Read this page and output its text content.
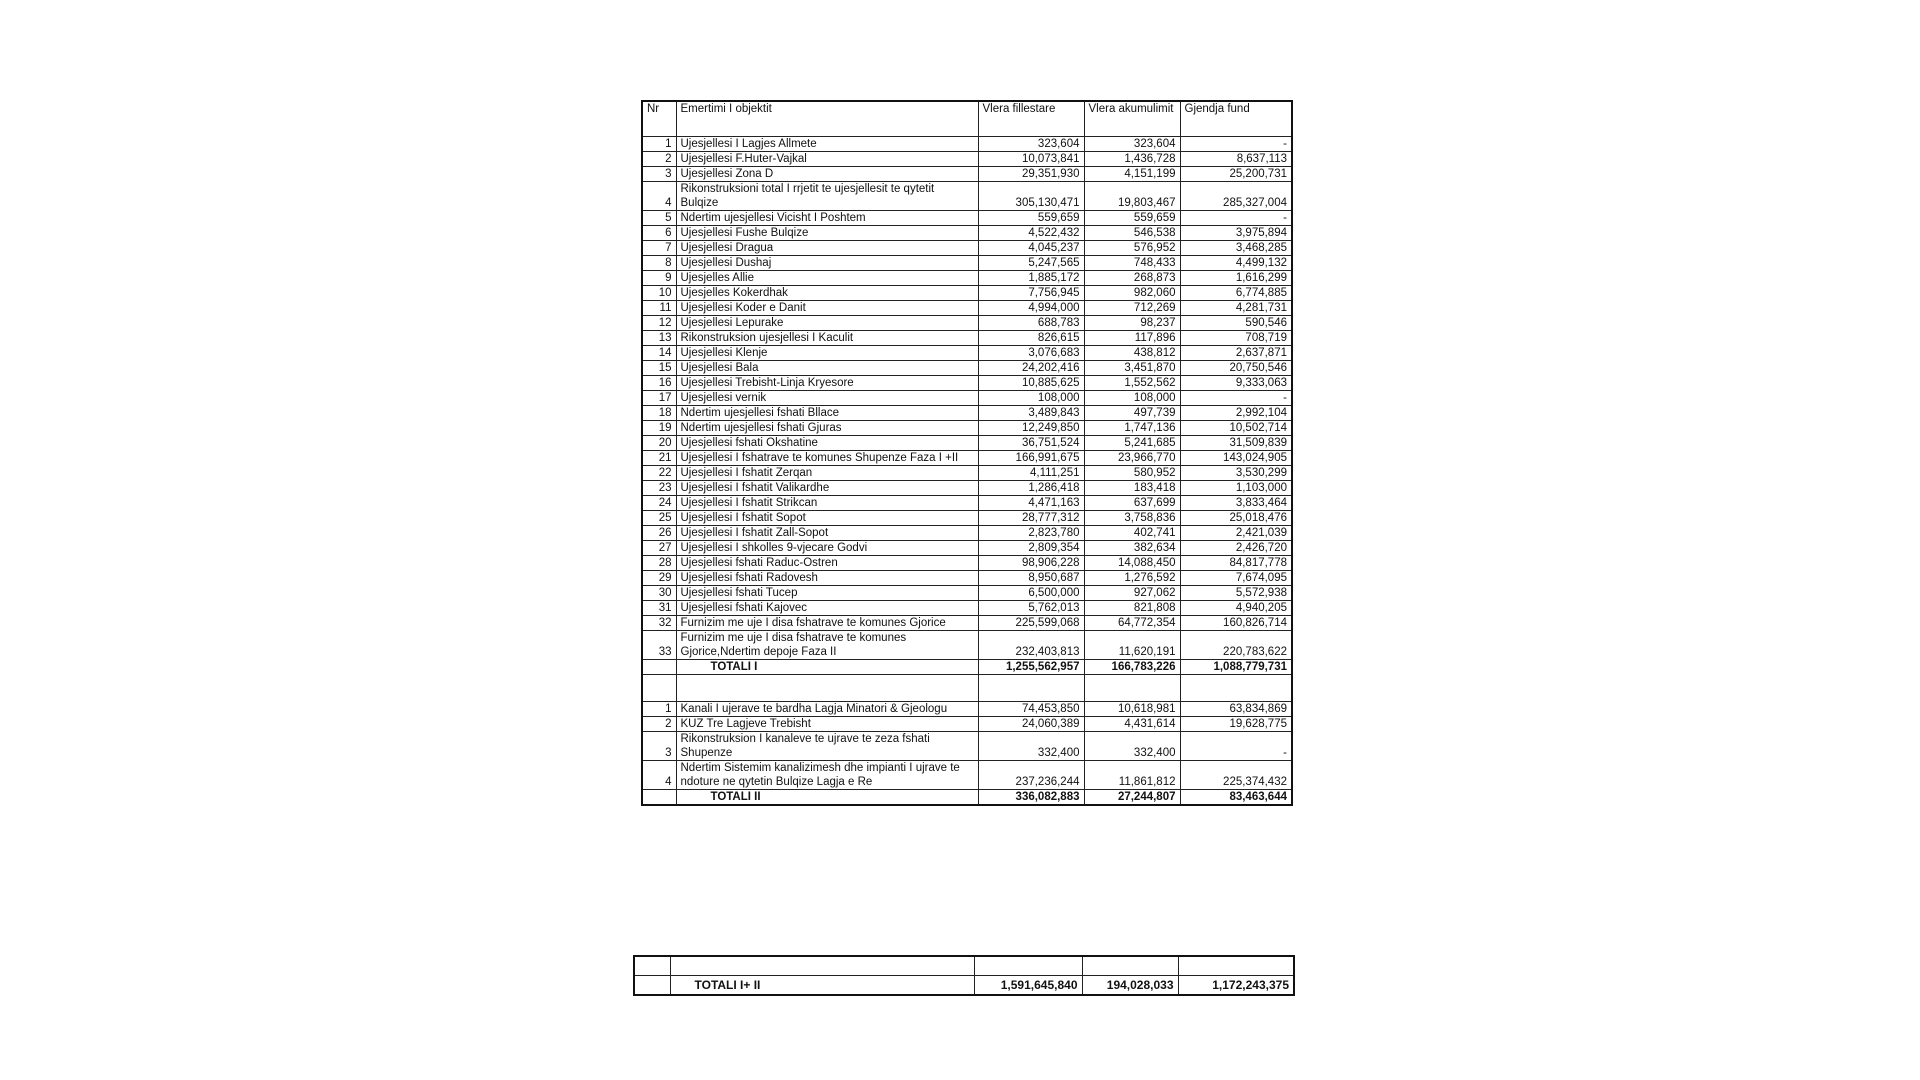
Nr	Emertimi I objektit	Vlera fillestare	Vlera akumulimit	Gjendja fund
1	Ujesjellesi I Lagjes Allmete	323,604	323,604	-
2	Ujesjellesi F.Huter-Vajkal	10,073,841	1,436,728	8,637,113
3	Ujesjellesi Zona D	29,351,930	4,151,199	25,200,731
4	Rikonstruksioni total I rrjetit te ujesjellesit te qytetit Bulqize	305,130,471	19,803,467	285,327,004
5	Ndertim ujesjellesi Vicisht I Poshtem	559,659	559,659	-
6	Ujesjellesi Fushe Bulqize	4,522,432	546,538	3,975,894
7	Ujesjellesi Dragua	4,045,237	576,952	3,468,285
8	Ujesjellesi Dushaj	5,247,565	748,433	4,499,132
9	Ujesjelles Allie	1,885,172	268,873	1,616,299
10	Ujesjelles Kokerdhak	7,756,945	982,060	6,774,885
11	Ujesjellesi Koder e Danit	4,994,000	712,269	4,281,731
12	Ujesjellesi Lepurake	688,783	98,237	590,546
13	Rikonstruksion ujesjellesi I Kaculit	826,615	117,896	708,719
14	Ujesjellesi Klenje	3,076,683	438,812	2,637,871
15	Ujesjellesi Bala	24,202,416	3,451,870	20,750,546
16	Ujesjellesi Trebisht-Linja Kryesore	10,885,625	1,552,562	9,333,063
17	Ujesjellesi vernik	108,000	108,000	-
18	Ndertim ujesjellesi fshati Bllace	3,489,843	497,739	2,992,104
19	Ndertim ujesjellesi fshati Gjuras	12,249,850	1,747,136	10,502,714
20	Ujesjellesi fshati Okshatine	36,751,524	5,241,685	31,509,839
21	Ujesjellesi I fshatrave te komunes Shupenze Faza I +II	166,991,675	23,966,770	143,024,905
22	Ujesjellesi I fshatit Zerqan	4,111,251	580,952	3,530,299
23	Ujesjellesi I fshatit Valikardhe	1,286,418	183,418	1,103,000
24	Ujesjellesi I fshatit Strikcan	4,471,163	637,699	3,833,464
25	Ujesjellesi I fshatit Sopot	28,777,312	3,758,836	25,018,476
26	Ujesjellesi I fshatit Zall-Sopot	2,823,780	402,741	2,421,039
27	Ujesjellesi I shkolles 9-vjecare Godvi	2,809,354	382,634	2,426,720
28	Ujesjellesi fshati Raduc-Ostren	98,906,228	14,088,450	84,817,778
29	Ujesjellesi fshati Radovesh	8,950,687	1,276,592	7,674,095
30	Ujesjellesi fshati Tucep	6,500,000	927,062	5,572,938
31	Ujesjellesi fshati Kajovec	5,762,013	821,808	4,940,205
32	Furnizim me uje I disa fshatrave te komunes Gjorice	225,599,068	64,772,354	160,826,714
33	Furnizim me uje I disa fshatrave te komunes Gjorice,Ndertim depoje Faza II	232,403,813	11,620,191	220,783,622
	TOTALI I	1,255,562,957	166,783,226	1,088,779,731

1	Kanali I ujerave te bardha Lagja Minatori & Gjeologu	74,453,850	10,618,981	63,834,869
2	KUZ Tre Lagjeve Trebisht	24,060,389	4,431,614	19,628,775
3	Rikonstruksion I kanaleve te ujrave te zeza fshati Shupenze	332,400	332,400	-
4	Ndertim Sistemim kanalizimesh dhe impianti I ujrave te ndoture ne qytetin Bulqize Lagja e Re	237,236,244	11,861,812	225,374,432
	TOTALI II	336,082,883	27,244,807	83,463,644

	TOTALI I+ II	1,591,645,840	194,028,033	1,172,243,375
